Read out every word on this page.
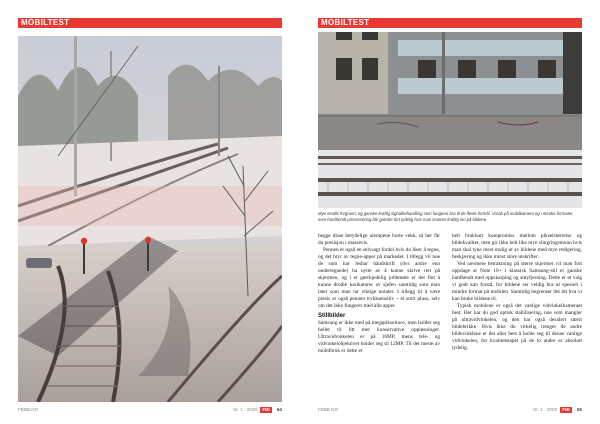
MOBILTEST
FBBB.NO	Nr. 1 · 2020 FMI 54
MOBILTEST
Mye smalls forgrunn, og ganske kraftig signalbehandling som fungerer bra til de fleste formål. Vorab på mobilkamera og i mindre formater, men hardhendt prosessering blir ganske fort tydelig hvis man zoomer kraftig inn på bildene.
FBBB.NO	Nr. 1 · 2020 FMI 55

begge disse betydelige ulempene borte vekk, så her får du presisjon i massevis.

Pennen er også en selvsagt fordel hvis du liker å tegne, og det hryr av tegne-apper på markedet. I tillegg vil noe de som har lesbar håndskrift (dvs andre enn undertegnede) ha nytte av å kunne skrive rett på skjermen, og i et gørrkjedelig jobbmøte er det fint å kunne drodle karikaturer av sjefen samtidig som man later som man tar viktige notater. I tillegg til å være presis er også pennen trykksensitiv – et stort pluss, selv om det ikke fungerer med alle apper.

Stillbilder

Samsung er ikke med på megapikselrace, men holder seg heller til litt mer konservative oppløsninger. Ultravidvinkelen er på 16MP, mens tele- og vidvinkelobjektivet holder seg til 12MP. Til det meste av mobilbruk er dette et

helt brukbart kompromiss mellom pikselstørrelse og bildekvalitet, men gir ikke helt like mye slingringsmonn hvis man skal tyne mest mulig ut av bildene med mye redigering, beskjæring og ikke minst store utskrifter.

Ved nærmere betraktning på større skjermer vil man fort oppdage at Note 10+ i klassisk Samsung-stil er ganske hardhendt med oppskarping og støyfjerning. Dette er et valg vi godt kan forstå, for bildene ser veldig bra ut spesielt i mindre format på mobilen. Samtidig begrenser det litt hva vi kan bruke bildene til.

Typisk mobilene er også det vanlige vidvinkelkameraet best. Her har du god optisk stabilisering, noe som mangler på ultravidvinkelen, og den har også desidert størst bildebrikke. Hvis ikke du virkelig trenger de andre bildevinklene er det aller best å holde seg til denne vanlige vidvinkelen, for kvalitetstapet på de to andre er absolutt tydelig.
